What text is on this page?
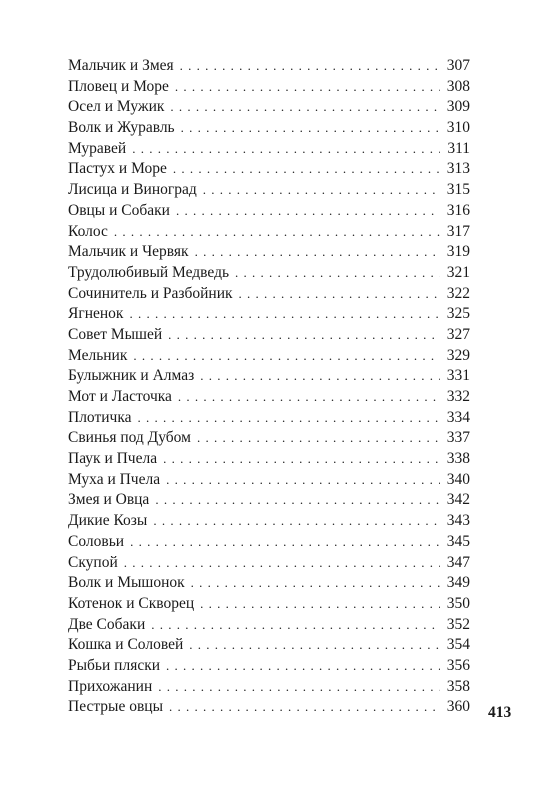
Мальчик и Змея . . .	307
Пловец и Море . . .	308
Осел и Мужик . . .	309
Волк и Журавль . . .	310
Муравей . . .	311
Пастух и Море . . .	313
Лисица и Виноград . . .	315
Овцы и Собаки . . .	316
Колос . . .	317
Мальчик и Червяк . . .	319
Трудолюбивый Медведь . . .	321
Сочинитель и Разбойник . . .	322
Ягненок . . .	325
Совет Мышей . . .	327
Мельник . . .	329
Булыжник и Алмаз . . .	331
Мот и Ласточка . . .	332
Плотичка . . .	334
Свинья под Дубом . . .	337
Паук и Пчела . . .	338
Муха и Пчела . . .	340
Змея и Овца . . .	342
Дикие Козы . . .	343
Соловьи . . .	345
Скупой . . .	347
Волк и Мышонок . . .	349
Котенок и Скворец . . .	350
Две Собаки . . .	352
Кошка и Соловей . . .	354
Рыбьи пляски . . .	356
Прихожанин . . .	358
Пестрые овцы . . .	360 413
